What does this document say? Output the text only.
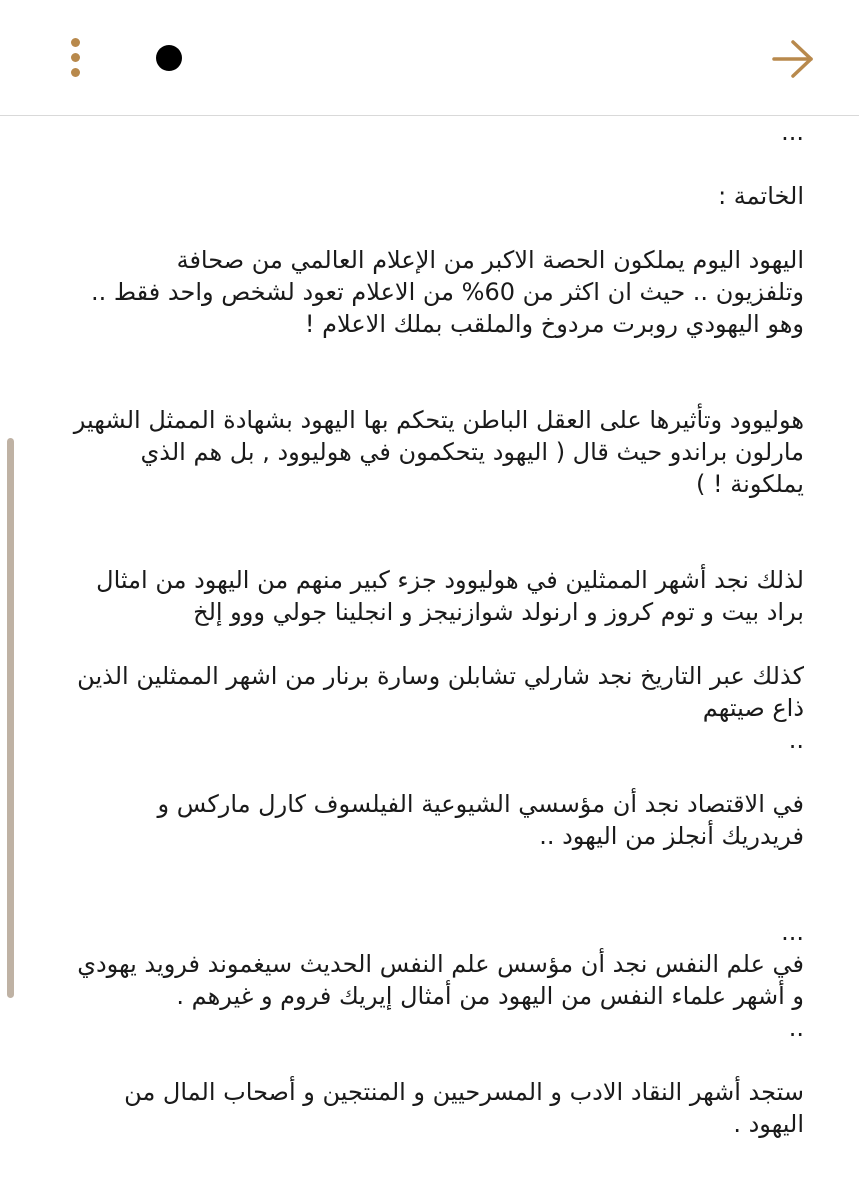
...
الخاتمة :
اليهود اليوم يملكون الحصة الاكبر من الإعلام العالمي من صحافة
وتلفزيون .. حيث ان اكثر من 60% من الاعلام تعود لشخص واحد فقط ..
وهو اليهودي روبرت مردوخ والملقب بملك الاعلام !
هوليوود وتأثيرها على العقل الباطن يتحكم بها اليهود بشهادة الممثل الشهير
مارلون براندو حيث قال ( اليهود يتحكمون في هوليوود , بل هم الذي
يملكونة ! )
لذلك نجد أشهر الممثلين في هوليوود جزء كبير منهم من اليهود من امثال
براد بيت و توم كروز و ارنولد شوازنيجز و انجلينا جولي ووو إلخ
كذلك عبر التاريخ نجد شارلي تشابلن وسارة برنار من اشهر الممثلين الذين
ذاع صيتهم
..
في الاقتصاد نجد أن مؤسسي الشيوعية الفيلسوف كارل ماركس و
فريدريك أنجلز من اليهود ..
...
في علم النفس نجد أن مؤسس علم النفس الحديث سيغموند فرويد يهودي
و أشهر علماء النفس من اليهود من أمثال إيريك فروم و غيرهم .
..
ستجد أشهر النقاد الادب و المسرحيين و المنتجين و أصحاب المال من
اليهود .
